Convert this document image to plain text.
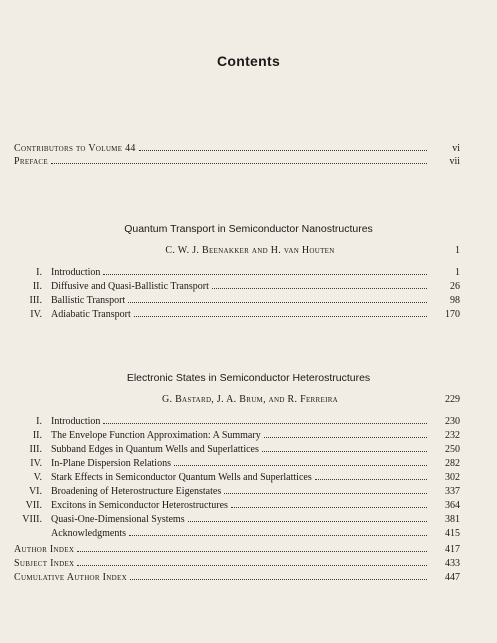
Contents
Contributors to Volume 44	vi
Preface	vii
Quantum Transport in Semiconductor Nanostructures
C. W. J. Beenakker and H. van Houten	1
I. Introduction	1
II. Diffusive and Quasi-Ballistic Transport	26
III. Ballistic Transport	98
IV. Adiabatic Transport	170
Electronic States in Semiconductor Heterostructures
G. Bastard, J. A. Brum, and R. Ferreira	229
I. Introduction	230
II. The Envelope Function Approximation: A Summary	232
III. Subband Edges in Quantum Wells and Superlattices	250
IV. In-Plane Dispersion Relations	282
V. Stark Effects in Semiconductor Quantum Wells and Superlattices	302
VI. Broadening of Heterostructure Eigenstates	337
VII. Excitons in Semiconductor Heterostructures	364
VIII. Quasi-One-Dimensional Systems	381
Acknowledgments	415
Author Index	417
Subject Index	433
Cumulative Author Index	447
